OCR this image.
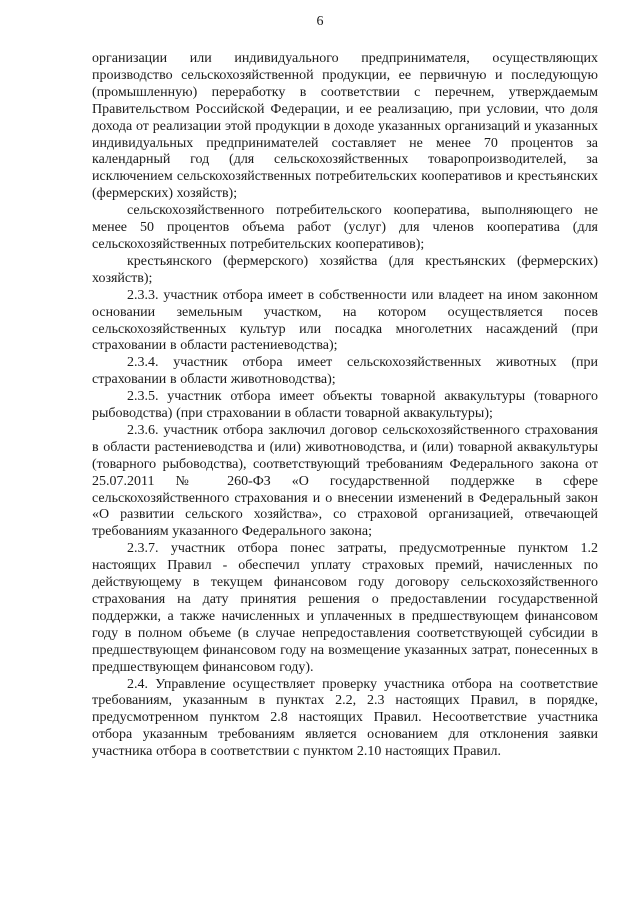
6

организации или индивидуального предпринимателя, осуществляющих производство сельскохозяйственной продукции, ее первичную и последующую (промышленную) переработку в соответствии с перечнем, утверждаемым Правительством Российской Федерации, и ее реализацию, при условии, что доля дохода от реализации этой продукции в доходе указанных организаций и указанных индивидуальных предпринимателей составляет не менее 70 процентов за календарный год (для сельскохозяйственных товаропроизводителей, за исключением сельскохозяйственных потребительских кооперативов и крестьянских (фермерских) хозяйств);

сельскохозяйственного потребительского кооператива, выполняющего не менее 50 процентов объема работ (услуг) для членов кооператива (для сельскохозяйственных потребительских кооперативов);

крестьянского (фермерского) хозяйства (для крестьянских (фермерских) хозяйств);

2.3.3. участник отбора имеет в собственности или владеет на ином законном основании земельным участком, на котором осуществляется посев сельскохозяйственных культур или посадка многолетних насаждений (при страховании в области растениеводства);

2.3.4. участник отбора имеет сельскохозяйственных животных (при страховании в области животноводства);

2.3.5. участник отбора имеет объекты товарной аквакультуры (товарного рыбоводства) (при страховании в области товарной аквакультуры);

2.3.6. участник отбора заключил договор сельскохозяйственного страхования в области растениеводства и (или) животноводства, и (или) товарной аквакультуры (товарного рыбоводства), соответствующий требованиям Федерального закона от 25.07.2011 № 260-ФЗ «О государственной поддержке в сфере сельскохозяйственного страхования и о внесении изменений в Федеральный закон «О развитии сельского хозяйства», со страховой организацией, отвечающей требованиям указанного Федерального закона;

2.3.7. участник отбора понес затраты, предусмотренные пунктом 1.2 настоящих Правил - обеспечил уплату страховых премий, начисленных по действующему в текущем финансовом году договору сельскохозяйственного страхования на дату принятия решения о предоставлении государственной поддержки, а также начисленных и уплаченных в предшествующем финансовом году в полном объеме (в случае непредоставления соответствующей субсидии в предшествующем финансовом году на возмещение указанных затрат, понесенных в предшествующем финансовом году).

2.4. Управление осуществляет проверку участника отбора на соответствие требованиям, указанным в пунктах 2.2, 2.3 настоящих Правил, в порядке, предусмотренном пунктом 2.8 настоящих Правил. Несоответствие участника отбора указанным требованиям является основанием для отклонения заявки участника отбора в соответствии с пунктом 2.10 настоящих Правил.
